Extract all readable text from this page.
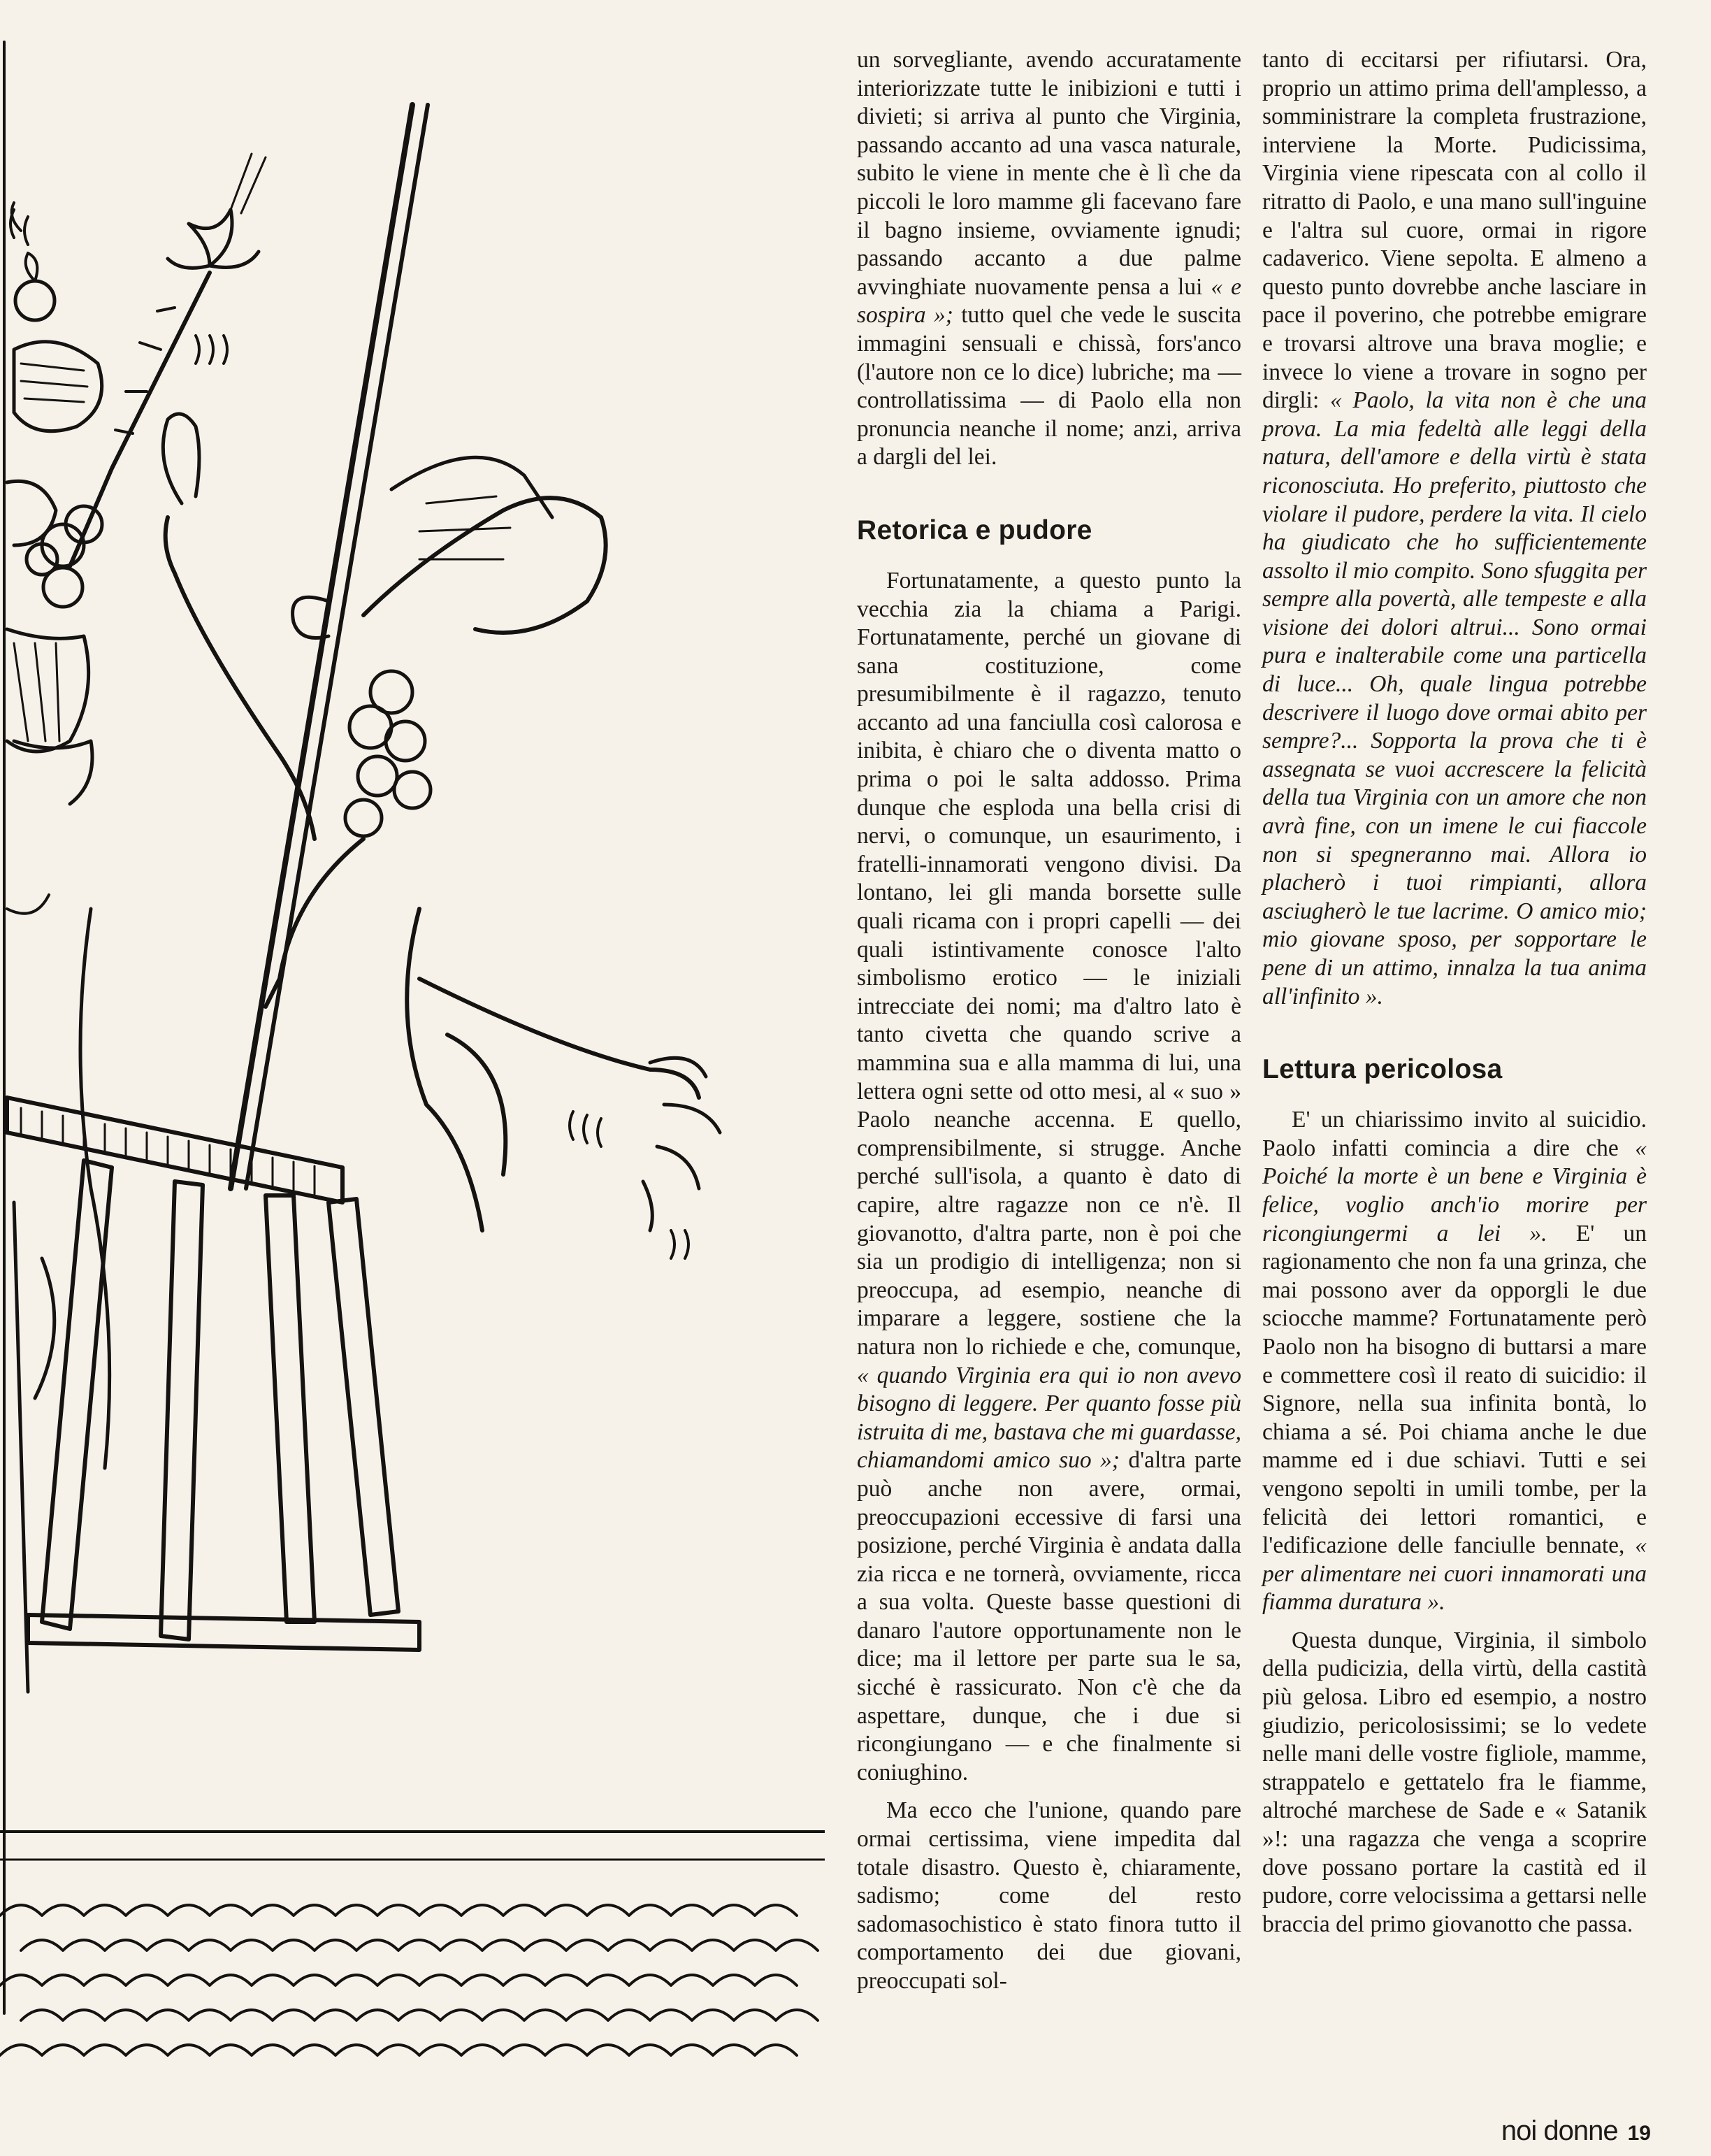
un sorvegliante, avendo accuratamente interiorizzate tutte le inibizioni e tutti i divieti; si arriva al punto che Virginia, passando accanto ad una vasca naturale, subito le viene in mente che è lì che da piccoli le loro mamme gli facevano fare il bagno insieme, ovviamente ignudi; passando accanto a due palme avvinghiate nuovamente pensa a lui « e sospira »; tutto quel che vede le suscita immagini sensuali e chissà, fors'anco (l'autore non ce lo dice) lubriche; ma — controllatissima — di Paolo ella non pronuncia neanche il nome; anzi, arriva a dargli del lei.

Retorica e pudore

Fortunatamente, a questo punto la vecchia zia la chiama a Parigi. Fortunatamente, perché un giovane di sana costituzione, come presumibilmente è il ragazzo, tenuto accanto ad una fanciulla così calorosa e inibita, è chiaro che o diventa matto o prima o poi le salta addosso. Prima dunque che esploda una bella crisi di nervi, o comunque, un esaurimento, i fratelli-innamorati vengono divisi. Da lontano, lei gli manda borsette sulle quali ricama con i propri capelli — dei quali istintivamente conosce l'alto simbolismo erotico — le iniziali intrecciate dei nomi; ma d'altro lato è tanto civetta che quando scrive a mammina sua e alla mamma di lui, una lettera ogni sette od otto mesi, al « suo » Paolo neanche accenna. E quello, comprensibilmente, si strugge. Anche perché sull'isola, a quanto è dato di capire, altre ragazze non ce n'è. Il giovanotto, d'altra parte, non è poi che sia un prodigio di intelligenza; non si preoccupa, ad esempio, neanche di imparare a leggere, sostiene che la natura non lo richiede e che, comunque, « quando Virginia era qui io non avevo bisogno di leggere. Per quanto fosse più istruita di me, bastava che mi guardasse, chiamandomi amico suo »; d'altra parte può anche non avere, ormai, preoccupazioni eccessive di farsi una posizione, perché Virginia è andata dalla zia ricca e ne tornerà, ovviamente, ricca a sua volta. Queste basse questioni di danaro l'autore opportunamente non le dice; ma il lettore per parte sua le sa, sicché è rassicurato. Non c'è che da aspettare, dunque, che i due si ricongiungano — e che finalmente si coniughino.

Ma ecco che l'unione, quando pare ormai certissima, viene impedita dal totale disastro. Questo è, chiaramente, sadismo; come del resto sadomasochistico è stato finora tutto il comportamento dei due giovani, preoccupati sol-

tanto di eccitarsi per rifiutarsi. Ora, proprio un attimo prima dell'amplesso, a somministrare la completa frustrazione, interviene la Morte. Pudicissima, Virginia viene ripescata con al collo il ritratto di Paolo, e una mano sull'inguine e l'altra sul cuore, ormai in rigore cadaverico. Viene sepolta. E almeno a questo punto dovrebbe anche lasciare in pace il poverino, che potrebbe emigrare e trovarsi altrove una brava moglie; e invece lo viene a trovare in sogno per dirgli: « Paolo, la vita non è che una prova. La mia fedeltà alle leggi della natura, dell'amore e della virtù è stata riconosciuta. Ho preferito, piuttosto che violare il pudore, perdere la vita. Il cielo ha giudicato che ho sufficientemente assolto il mio compito. Sono sfuggita per sempre alla povertà, alle tempeste e alla visione dei dolori altrui... Sono ormai pura e inalterabile come una particella di luce... Oh, quale lingua potrebbe descrivere il luogo dove ormai abito per sempre?... Sopporta la prova che ti è assegnata se vuoi accrescere la felicità della tua Virginia con un amore che non avrà fine, con un imene le cui fiaccole non si spegneranno mai. Allora io placherò i tuoi rimpianti, allora asciugherò le tue lacrime. O amico mio; mio giovane sposo, per sopportare le pene di un attimo, innalza la tua anima all'infinito ».

Lettura pericolosa

E' un chiarissimo invito al suicidio. Paolo infatti comincia a dire che « Poiché la morte è un bene e Virginia è felice, voglio anch'io morire per ricongiungermi a lei ». E' un ragionamento che non fa una grinza, che mai possono aver da opporgli le due sciocche mamme? Fortunatamente però Paolo non ha bisogno di buttarsi a mare e commettere così il reato di suicidio: il Signore, nella sua infinita bontà, lo chiama a sé. Poi chiama anche le due mamme ed i due schiavi. Tutti e sei vengono sepolti in umili tombe, per la felicità dei lettori romantici, e l'edificazione delle fanciulle bennate, « per alimentare nei cuori innamorati una fiamma duratura ».

Questa dunque, Virginia, il simbolo della pudicizia, della virtù, della castità più gelosa. Libro ed esempio, a nostro giudizio, pericolosissimi; se lo vedete nelle mani delle vostre figliole, mamme, strappatelo e gettatelo fra le fiamme, altroché marchese de Sade e « Satanik »!: una ragazza che venga a scoprire dove possano portare la castità ed il pudore, corre velocissima a gettarsi nelle braccia del primo giovanotto che passa.

noi donne 19
